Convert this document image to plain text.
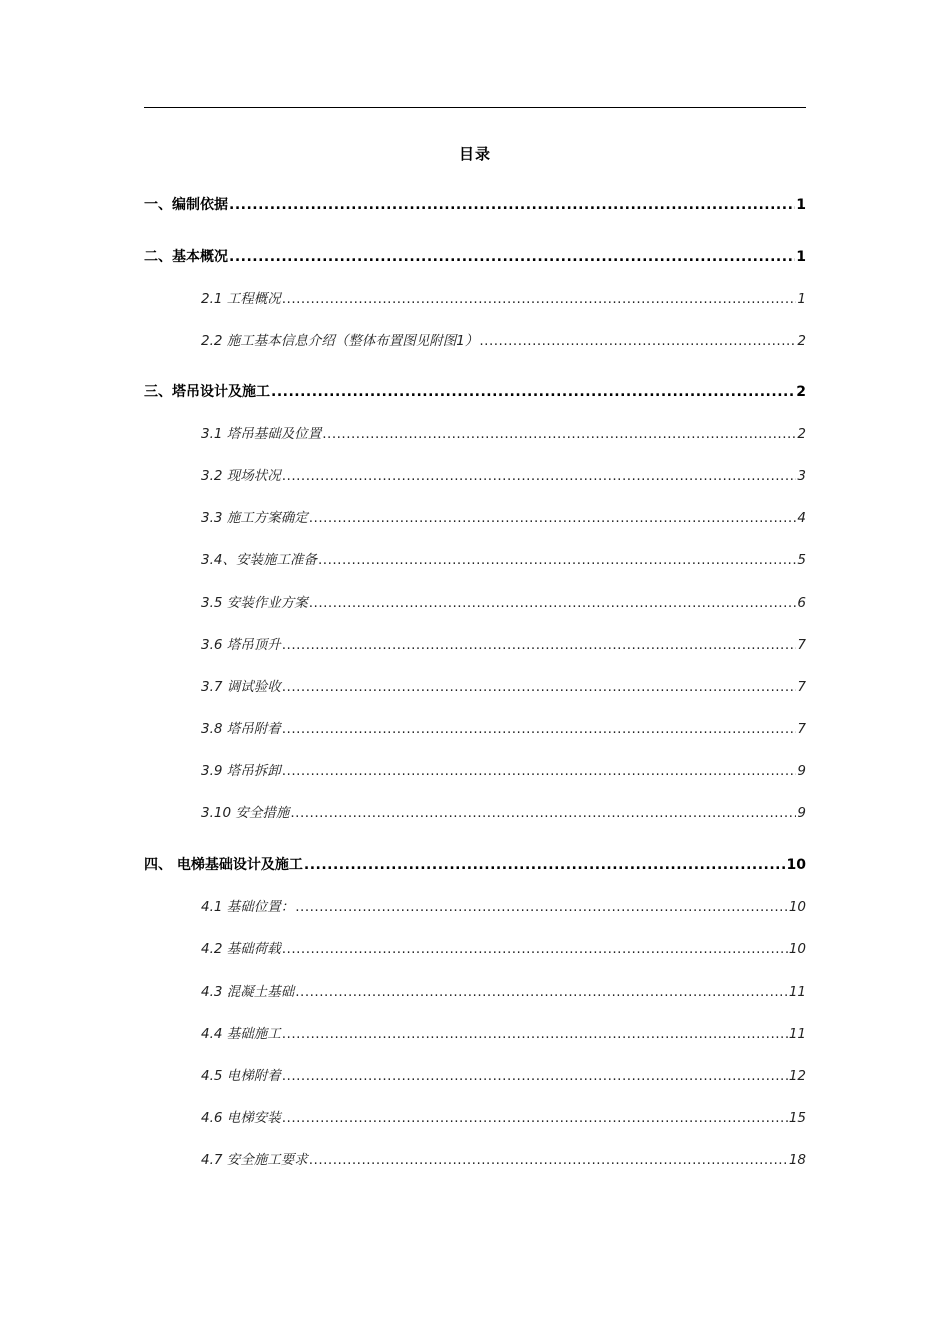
目录
一、编制依据 .....	1
二、基本概况 .....	1
2.1 工程概况 .....	1
2.2 施工基本信息介绍（整体布置图见附图1） .....	2
三、塔吊设计及施工 .....	2
3.1 塔吊基础及位置 .....	2
3.2 现场状况 .....	3
3.3 施工方案确定 .....	4
3.4、安装施工准备 .....	5
3.5 安装作业方案 .....	6
3.6 塔吊顶升 .....	7
3.7 调试验收 .....	7
3.8 塔吊附着 .....	7
3.9 塔吊拆卸 .....	9
3.10 安全措施 .....	9
四、 电梯基础设计及施工 .....	10
4.1 基础位置： .....	10
4.2 基础荷载 .....	10
4.3 混凝土基础 .....	11
4.4 基础施工 .....	11
4.5 电梯附着 .....	12
4.6 电梯安装 .....	15
4.7 安全施工要求 .....	18
